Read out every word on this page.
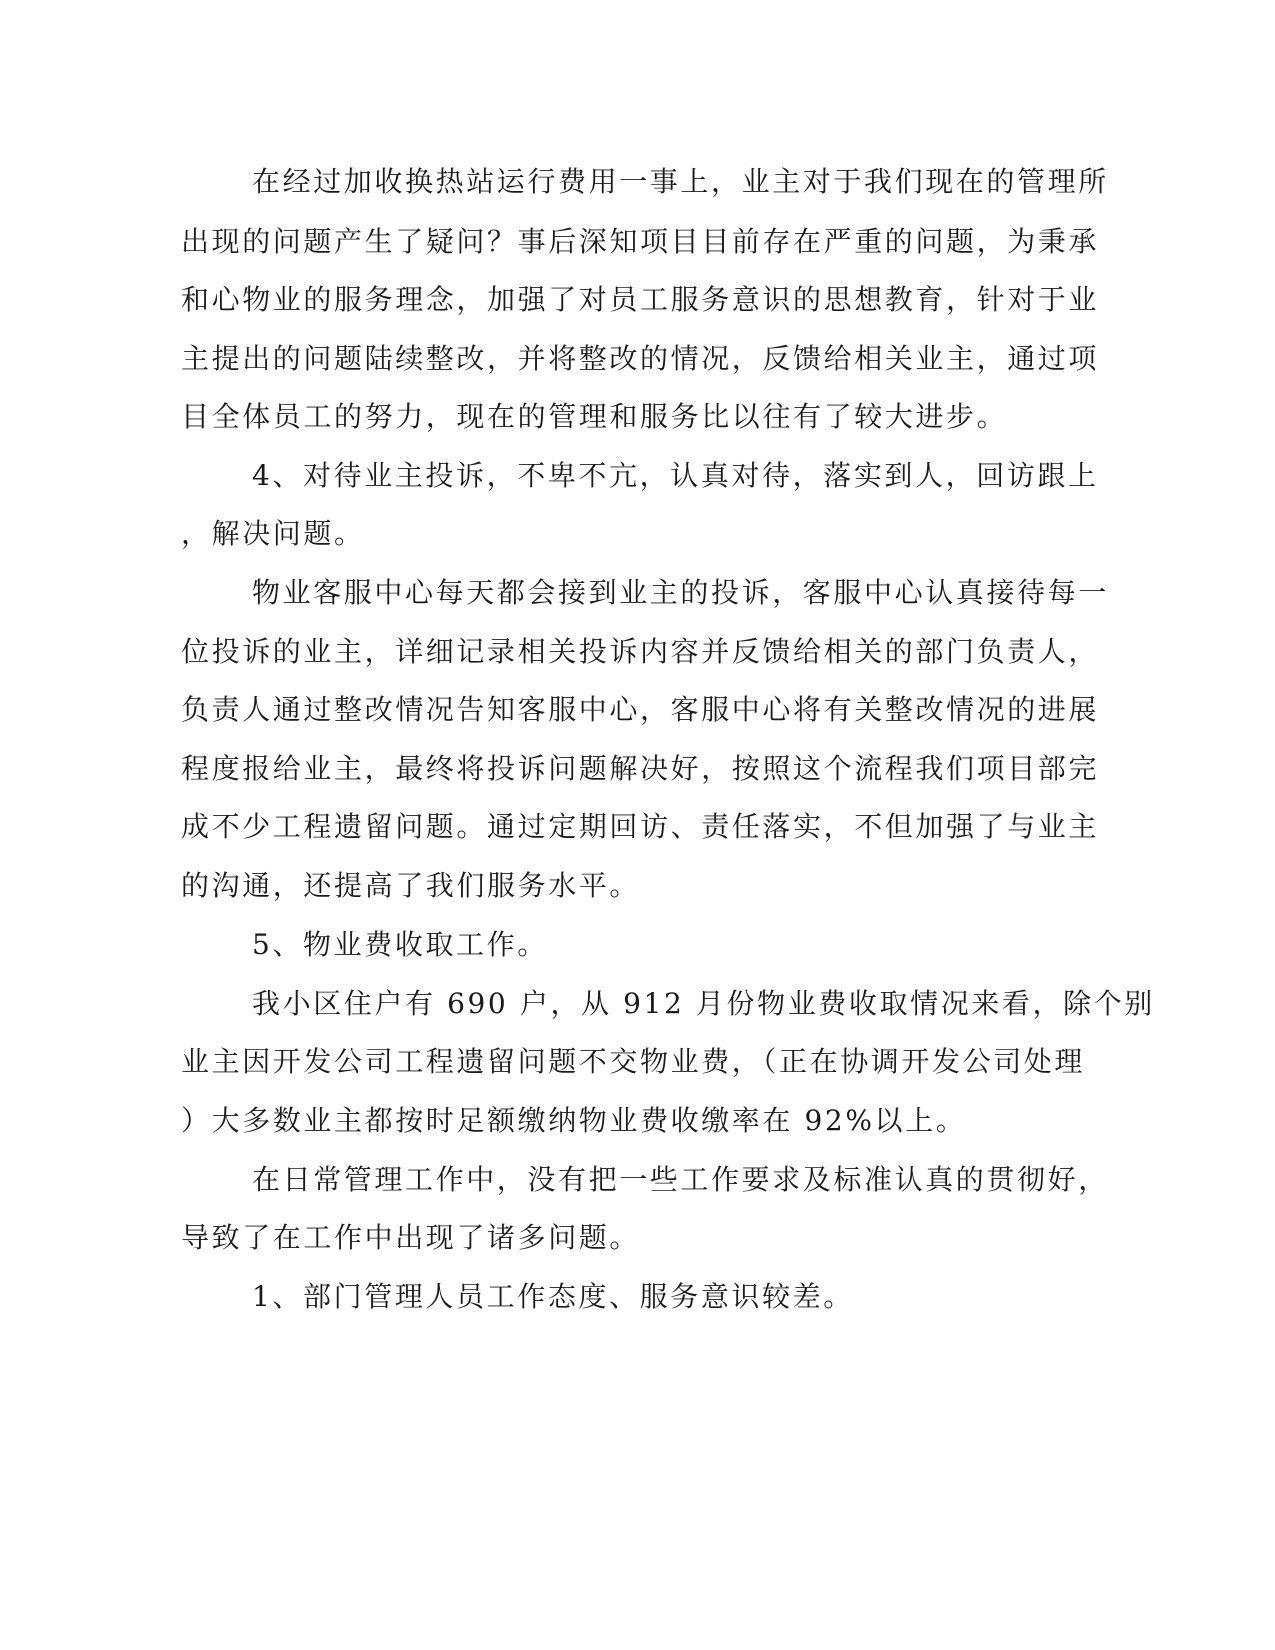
在经过加收换热站运行费用一事上，业主对于我们现在的管理所
出现的问题产生了疑问？事后深知项目目前存在严重的问题，为秉承
和心物业的服务理念，加强了对员工服务意识的思想教育，针对于业
主提出的问题陆续整改，并将整改的情况，反馈给相关业主，通过项
目全体员工的努力，现在的管理和服务比以往有了较大进步。
4、对待业主投诉，不卑不亢，认真对待，落实到人，回访跟上
，解决问题。
物业客服中心每天都会接到业主的投诉，客服中心认真接待每一
位投诉的业主，详细记录相关投诉内容并反馈给相关的部门负责人，
负责人通过整改情况告知客服中心，客服中心将有关整改情况的进展
程度报给业主，最终将投诉问题解决好，按照这个流程我们项目部完
成不少工程遗留问题。通过定期回访、责任落实，不但加强了与业主
的沟通，还提高了我们服务水平。
5、物业费收取工作。
我小区住户有 690 户，从 912 月份物业费收取情况来看，除个别
业主因开发公司工程遗留问题不交物业费，（正在协调开发公司处理
）大多数业主都按时足额缴纳物业费收缴率在 92%以上。
在日常管理工作中，没有把一些工作要求及标准认真的贯彻好，
导致了在工作中出现了诸多问题。
1、部门管理人员工作态度、服务意识较差。
